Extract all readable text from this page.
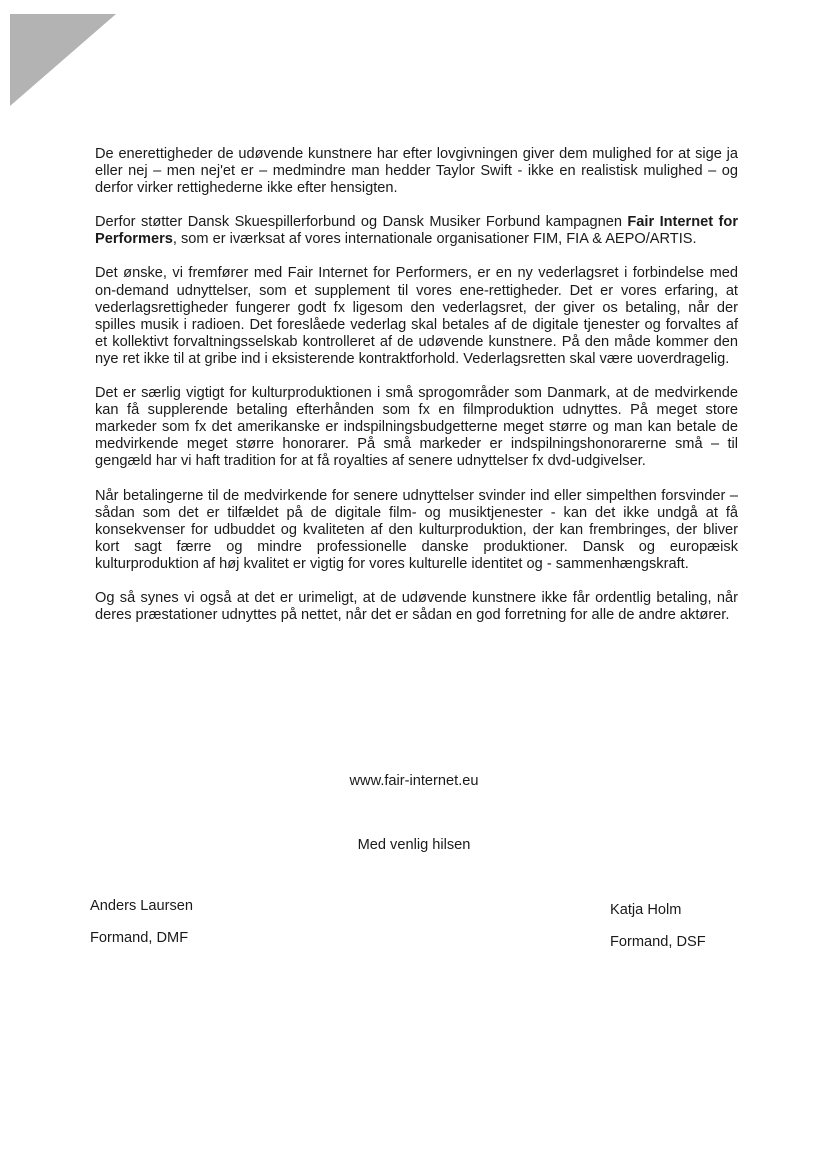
De enerettigheder de udøvende kunstnere har efter lovgivningen giver dem mulighed for at sige ja eller nej – men nej'et er – medmindre man hedder Taylor Swift - ikke en realistisk mulighed – og derfor virker rettighederne ikke efter hensigten.

Derfor støtter Dansk Skuespillerforbund og Dansk Musiker Forbund kampagnen Fair Internet for Performers, som er iværksat af vores internationale organisationer FIM, FIA & AEPO/ARTIS.

Det ønske, vi fremfører med Fair Internet for Performers, er en ny vederlagsret i forbindelse med on-demand udnyttelser, som et supplement til vores ene-rettigheder. Det er vores erfaring, at vederlagsrettigheder fungerer godt fx ligesom den vederlagsret, der giver os betaling, når der spilles musik i radioen. Det foreslåede vederlag skal betales af de digitale tjenester og forvaltes af et kollektivt forvaltningsselskab kontrolleret af de udøvende kunstnere. På den måde kommer den nye ret ikke til at gribe ind i eksisterende kontraktforhold. Vederlagsretten skal være uoverdragelig.

Det er særlig vigtigt for kulturproduktionen i små sprogområder som Danmark, at de medvirkende kan få supplerende betaling efterhånden som fx en filmproduktion udnyttes. På meget store markeder som fx det amerikanske er indspilningsbudgetterne meget større og man kan betale de medvirkende meget større honorarer. På små markeder er indspilningshonorarerne små – til gengæld har vi haft tradition for at få royalties af senere udnyttelser fx dvd-udgivelser.

Når betalingerne til de medvirkende for senere udnyttelser svinder ind eller simpelthen forsvinder – sådan som det er tilfældet på de digitale film- og musiktjenester - kan det ikke undgå at få konsekvenser for udbuddet og kvaliteten af den kulturproduktion, der kan frembringes, der bliver kort sagt færre og mindre professionelle danske produktioner. Dansk og europæisk kulturproduktion af høj kvalitet er vigtig for vores kulturelle identitet og - sammenhængskraft.

Og så synes vi også at det er urimeligt, at de udøvende kunstnere ikke får ordentlig betaling, når deres præstationer udnyttes på nettet, når det er sådan en god forretning for alle de andre aktører.

www.fair-internet.eu
Med venlig hilsen
Anders Laursen
Formand, DMF
Katja Holm
Formand, DSF
